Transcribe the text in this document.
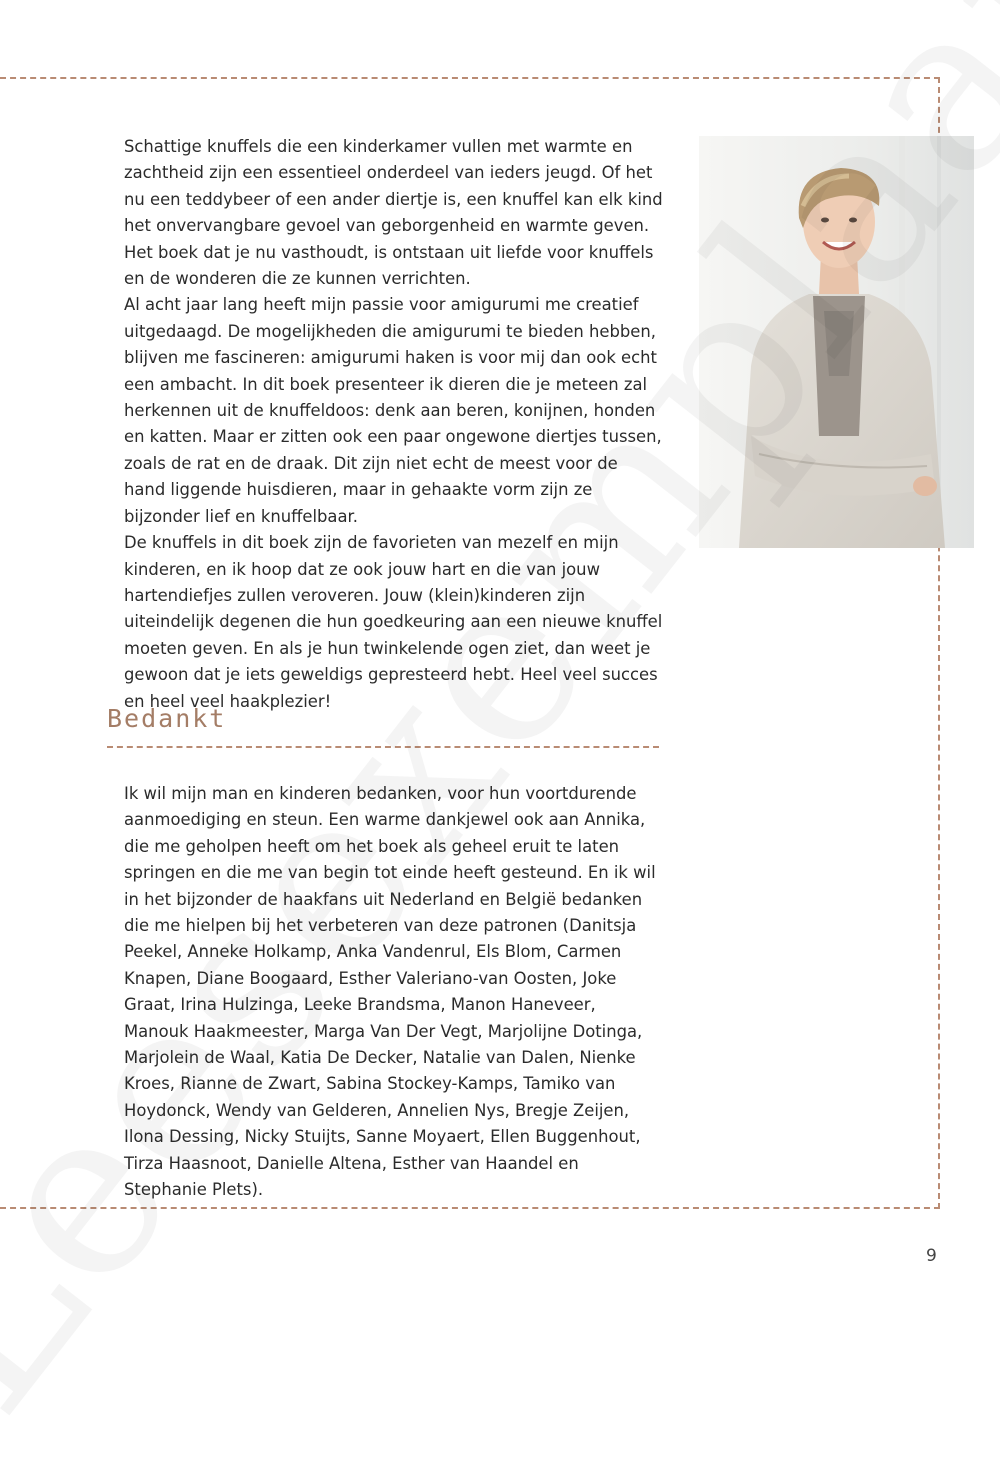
Schattige knuffels die een kinderkamer vullen met warmte en zachtheid zijn een essentieel onderdeel van ieders jeugd. Of het nu een teddybeer of een ander diertje is, een knuffel kan elk kind het onvervangbare gevoel van geborgenheid en warmte geven. Het boek dat je nu vasthoudt, is ontstaan uit liefde voor knuffels en de wonderen die ze kunnen verrichten.

Al acht jaar lang heeft mijn passie voor amigurumi me creatief uitgedaagd. De mogelijkheden die amigurumi te bieden hebben, blijven me fascineren: amigurumi haken is voor mij dan ook echt een ambacht. In dit boek presenteer ik dieren die je meteen zal herkennen uit de knuffeldoos: denk aan beren, konijnen, honden en katten. Maar er zitten ook een paar ongewone diertjes tussen, zoals de rat en de draak. Dit zijn niet echt de meest voor de hand liggende huisdieren, maar in gehaakte vorm zijn ze bijzonder lief en knuffelbaar.

De knuffels in dit boek zijn de favorieten van mezelf en mijn kinderen, en ik hoop dat ze ook jouw hart en die van jouw hartendiefjes zullen veroveren. Jouw (klein)kinderen zijn uiteindelijk degenen die hun goedkeuring aan een nieuwe knuffel moeten geven. En als je hun twinkelende ogen ziet, dan weet je gewoon dat je iets geweldigs gepresteerd hebt. Heel veel succes en heel veel haakplezier!

Bedankt

Ik wil mijn man en kinderen bedanken, voor hun voortdurende aanmoediging en steun. Een warme dankjewel ook aan Annika, die me geholpen heeft om het boek als geheel eruit te laten springen en die me van begin tot einde heeft gesteund. En ik wil in het bijzonder de haakfans uit Nederland en België bedanken die me hielpen bij het verbeteren van deze patronen (Danitsja Peekel, Anneke Holkamp, Anka Vandenrul, Els Blom, Carmen Knapen, Diane Boogaard, Esther Valeriano-van Oosten, Joke Graat, Irina Hulzinga, Leeke Brandsma, Manon Haneveer, Manouk Haakmeester, Marga Van Der Vegt, Marjolijne Dotinga, Marjolein de Waal, Katia De Decker, Natalie van Dalen, Nienke Kroes, Rianne de Zwart, Sabina Stockey-Kamps, Tamiko van Hoydonck, Wendy van Gelderen, Annelien Nys, Bregje Zeijen, Ilona Dessing, Nicky Stuijts, Sanne Moyaert, Ellen Buggenhout, Tirza Haasnoot, Danielle Altena, Esther van Haandel en Stephanie Plets).

9
